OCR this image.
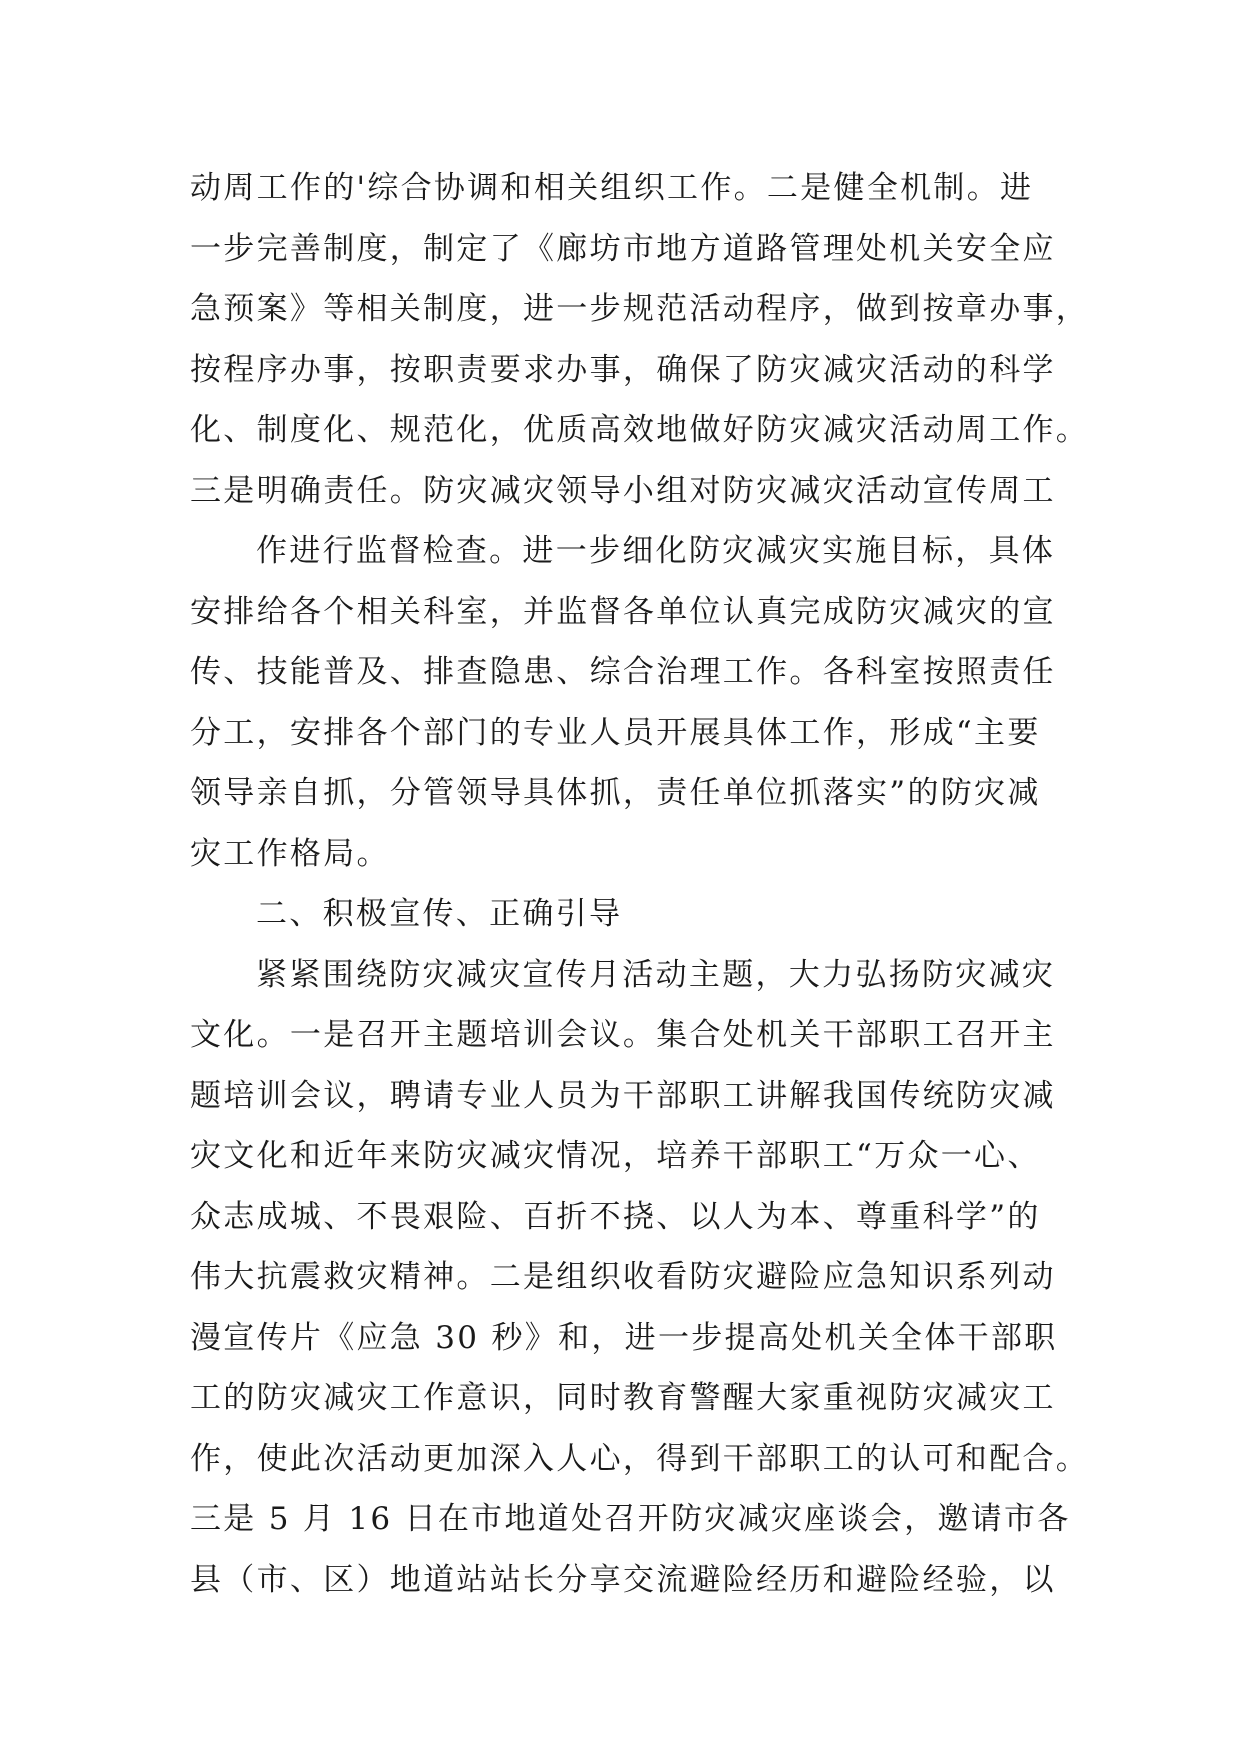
动周工作的'综合协调和相关组织工作。二是健全机制。进
一步完善制度，制定了《廊坊市地方道路管理处机关安全应
急预案》等相关制度，进一步规范活动程序，做到按章办事，
按程序办事，按职责要求办事，确保了防灾减灾活动的科学
化、制度化、规范化，优质高效地做好防灾减灾活动周工作。
三是明确责任。防灾减灾领导小组对防灾减灾活动宣传周工
作进行监督检查。进一步细化防灾减灾实施目标，具体
安排给各个相关科室，并监督各单位认真完成防灾减灾的宣
传、技能普及、排查隐患、综合治理工作。各科室按照责任
分工，安排各个部门的专业人员开展具体工作，形成“主要
领导亲自抓，分管领导具体抓，责任单位抓落实”的防灾减
灾工作格局。
二、积极宣传、正确引导
紧紧围绕防灾减灾宣传月活动主题，大力弘扬防灾减灾
文化。一是召开主题培训会议。集合处机关干部职工召开主
题培训会议，聘请专业人员为干部职工讲解我国传统防灾减
灾文化和近年来防灾减灾情况，培养干部职工“万众一心、
众志成城、不畏艰险、百折不挠、以人为本、尊重科学”的
伟大抗震救灾精神。二是组织收看防灾避险应急知识系列动
漫宣传片《应急 30 秒》和，进一步提高处机关全体干部职
工的防灾减灾工作意识，同时教育警醒大家重视防灾减灾工
作，使此次活动更加深入人心，得到干部职工的认可和配合。
三是 5 月 16 日在市地道处召开防灾减灾座谈会，邀请市各
县（市、区）地道站站长分享交流避险经历和避险经验，以
